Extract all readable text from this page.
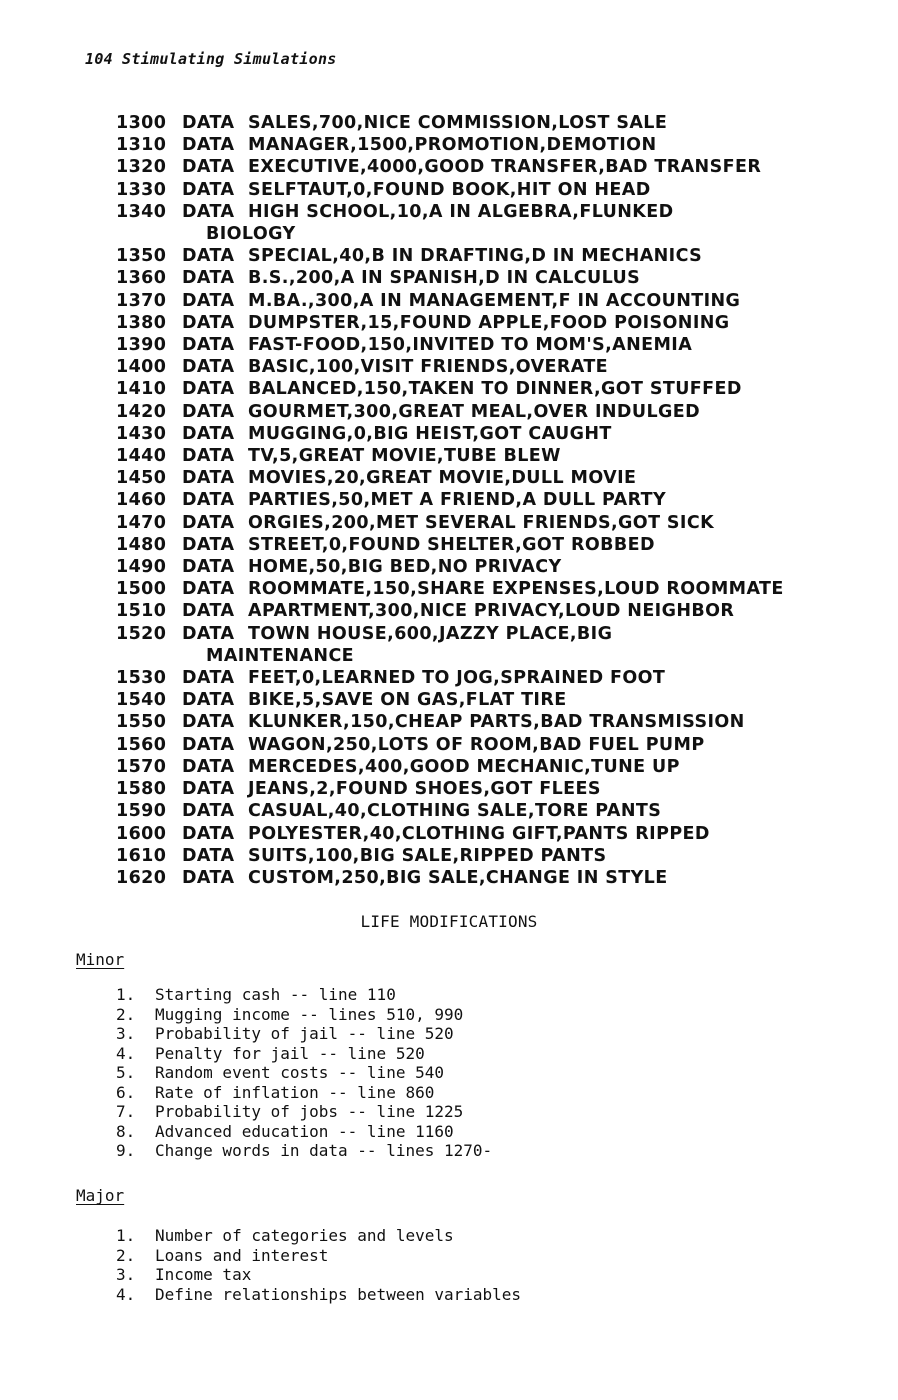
104 Stimulating Simulations
1300 DATA SALES,700,NICE COMMISSION,LOST SALE
1310 DATA MANAGER,1500,PROMOTION,DEMOTION
1320 DATA EXECUTIVE,4000,GOOD TRANSFER,BAD TRANSFER
1330 DATA SELFTAUT,0,FOUND BOOK,HIT ON HEAD
1340 DATA HIGH SCHOOL,10,A IN ALGEBRA,FLUNKED
BIOLOGY
1350 DATA SPECIAL,40,B IN DRAFTING,D IN MECHANICS
1360 DATA B.S.,200,A IN SPANISH,D IN CALCULUS
1370 DATA M.BA.,300,A IN MANAGEMENT,F IN ACCOUNTING
1380 DATA DUMPSTER,15,FOUND APPLE,FOOD POISONING
1390 DATA FAST-FOOD,150,INVITED TO MOM'S,ANEMIA
1400 DATA BASIC,100,VISIT FRIENDS,OVERATE
1410 DATA BALANCED,150,TAKEN TO DINNER,GOT STUFFED
1420 DATA GOURMET,300,GREAT MEAL,OVER INDULGED
1430 DATA MUGGING,0,BIG HEIST,GOT CAUGHT
1440 DATA TV,5,GREAT MOVIE,TUBE BLEW
1450 DATA MOVIES,20,GREAT MOVIE,DULL MOVIE
1460 DATA PARTIES,50,MET A FRIEND,A DULL PARTY
1470 DATA ORGIES,200,MET SEVERAL FRIENDS,GOT SICK
1480 DATA STREET,0,FOUND SHELTER,GOT ROBBED
1490 DATA HOME,50,BIG BED,NO PRIVACY
1500 DATA ROOMMATE,150,SHARE EXPENSES,LOUD ROOMMATE
1510 DATA APARTMENT,300,NICE PRIVACY,LOUD NEIGHBOR
1520 DATA TOWN HOUSE,600,JAZZY PLACE,BIG
MAINTENANCE
1530 DATA FEET,0,LEARNED TO JOG,SPRAINED FOOT
1540 DATA BIKE,5,SAVE ON GAS,FLAT TIRE
1550 DATA KLUNKER,150,CHEAP PARTS,BAD TRANSMISSION
1560 DATA WAGON,250,LOTS OF ROOM,BAD FUEL PUMP
1570 DATA MERCEDES,400,GOOD MECHANIC,TUNE UP
1580 DATA JEANS,2,FOUND SHOES,GOT FLEES
1590 DATA CASUAL,40,CLOTHING SALE,TORE PANTS
1600 DATA POLYESTER,40,CLOTHING GIFT,PANTS RIPPED
1610 DATA SUITS,100,BIG SALE,RIPPED PANTS
1620 DATA CUSTOM,250,BIG SALE,CHANGE IN STYLE
LIFE MODIFICATIONS
Minor
1.	Starting cash -- line 110
2.	Mugging income -- lines 510, 990
3.	Probability of jail -- line 520
4.	Penalty for jail -- line 520
5.	Random event costs -- line 540
6.	Rate of inflation -- line 860
7.	Probability of jobs -- line 1225
8.	Advanced education -- line 1160
9.	Change words in data -- lines 1270-
Major
1.	Number of categories and levels
2.	Loans and interest
3.	Income tax
4.	Define relationships between variables
